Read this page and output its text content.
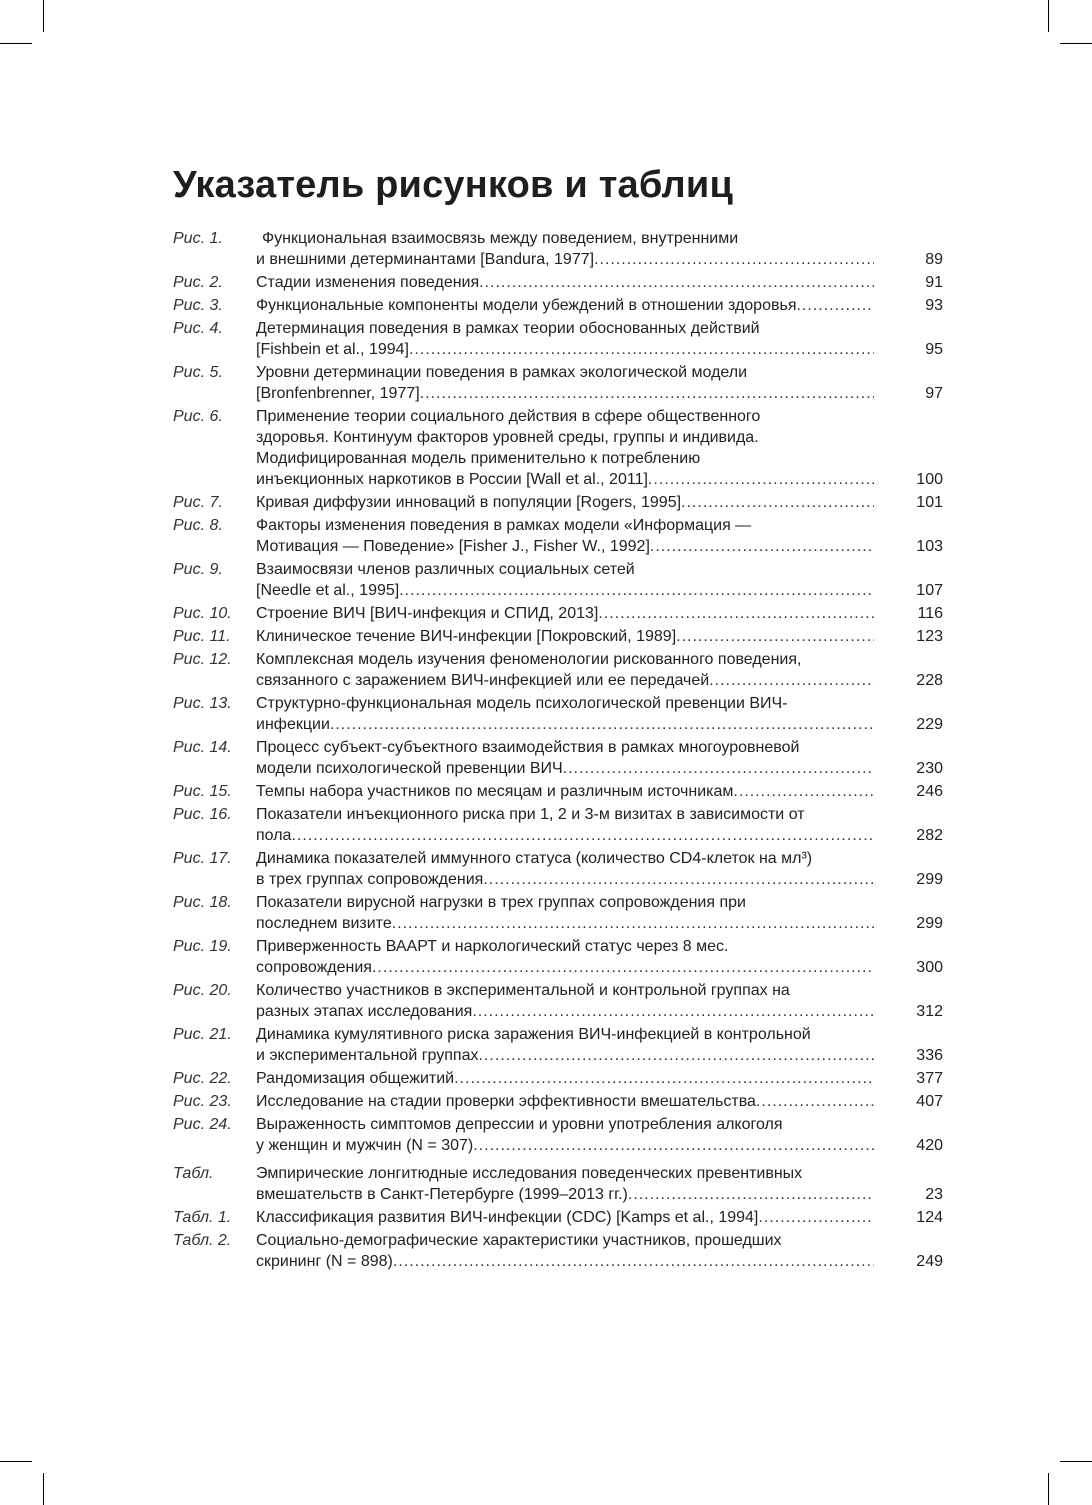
Указатель рисунков и таблиц
Рис. 1.	Функциональная взаимосвязь между поведением, внутренними
и внешними детерминантами [Bandura, 1977] .....	89
Рис. 2.	Стадии изменения поведения .....	91
Рис. 3.	Функциональные компоненты модели убеждений в отношении здоровья .....	93
Рис. 4.	Детерминация поведения в рамках теории обоснованных действий
[Fishbein et al., 1994] .....	95
Рис. 5.	Уровни детерминации поведения в рамках экологической модели
[Bronfenbrenner, 1977] .....	97
Рис. 6.	Применение теории социального действия в сфере общественного
здоровья. Континуум факторов уровней среды, группы и индивида.
Модифицированная модель применительно к потреблению
инъекционных наркотиков в России [Wall et al., 2011] .....	100
Рис. 7.	Кривая диффузии инноваций в популяции [Rogers, 1995] .....	101
Рис. 8.	Факторы изменения поведения в рамках модели «Информация —
Мотивация — Поведение» [Fisher J., Fisher W., 1992] .....	103
Рис. 9.	Взаимосвязи членов различных социальных сетей
[Needle et al., 1995] .....	107
Рис. 10.	Строение ВИЧ [ВИЧ-инфекция и СПИД, 2013] .....	116
Рис. 11.	Клиническое течение ВИЧ-инфекции [Покровский, 1989] .....	123
Рис. 12.	Комплексная модель изучения феноменологии рискованного поведения,
связанного с заражением ВИЧ-инфекцией или ее передачей .....	228
Рис. 13.	Структурно-функциональная модель психологической превенции ВИЧ-
инфекции .....	229
Рис. 14.	Процесс субъект-субъектного взаимодействия в рамках многоуровневой
модели психологической превенции ВИЧ .....	230
Рис. 15.	Темпы набора участников по месяцам и различным источникам .....	246
Рис. 16.	Показатели инъекционного риска при 1, 2 и 3-м визитах в зависимости от
пола .....	282
Рис. 17.	Динамика показателей иммунного статуса (количество CD4-клеток на мл³)
в трех группах сопровождения .....	299
Рис. 18.	Показатели вирусной нагрузки в трех группах сопровождения при
последнем визите .....	299
Рис. 19.	Приверженность ВААРТ и наркологический статус через 8 мес.
сопровождения .....	300
Рис. 20.	Количество участников в экспериментальной и контрольной группах на
разных этапах исследования .....	312
Рис. 21.	Динамика кумулятивного риска заражения ВИЧ-инфекцией в контрольной
и экспериментальной группах .....	336
Рис. 22.	Рандомизация общежитий .....	377
Рис. 23.	Исследование на стадии проверки эффективности вмешательства .....	407
Рис. 24.	Выраженность симптомов депрессии и уровни употребления алкоголя
у женщин и мужчин (N = 307) .....	420
Табл.	Эмпирические лонгитюдные исследования поведенческих превентивных
вмешательств в Санкт-Петербурге (1999–2013 гг.) .....	23
Табл. 1.	Классификация развития ВИЧ-инфекции (CDC) [Kamps et al., 1994] .....	124
Табл. 2.	Социально-демографические характеристики участников, прошедших
скрининг (N = 898) .....	249
